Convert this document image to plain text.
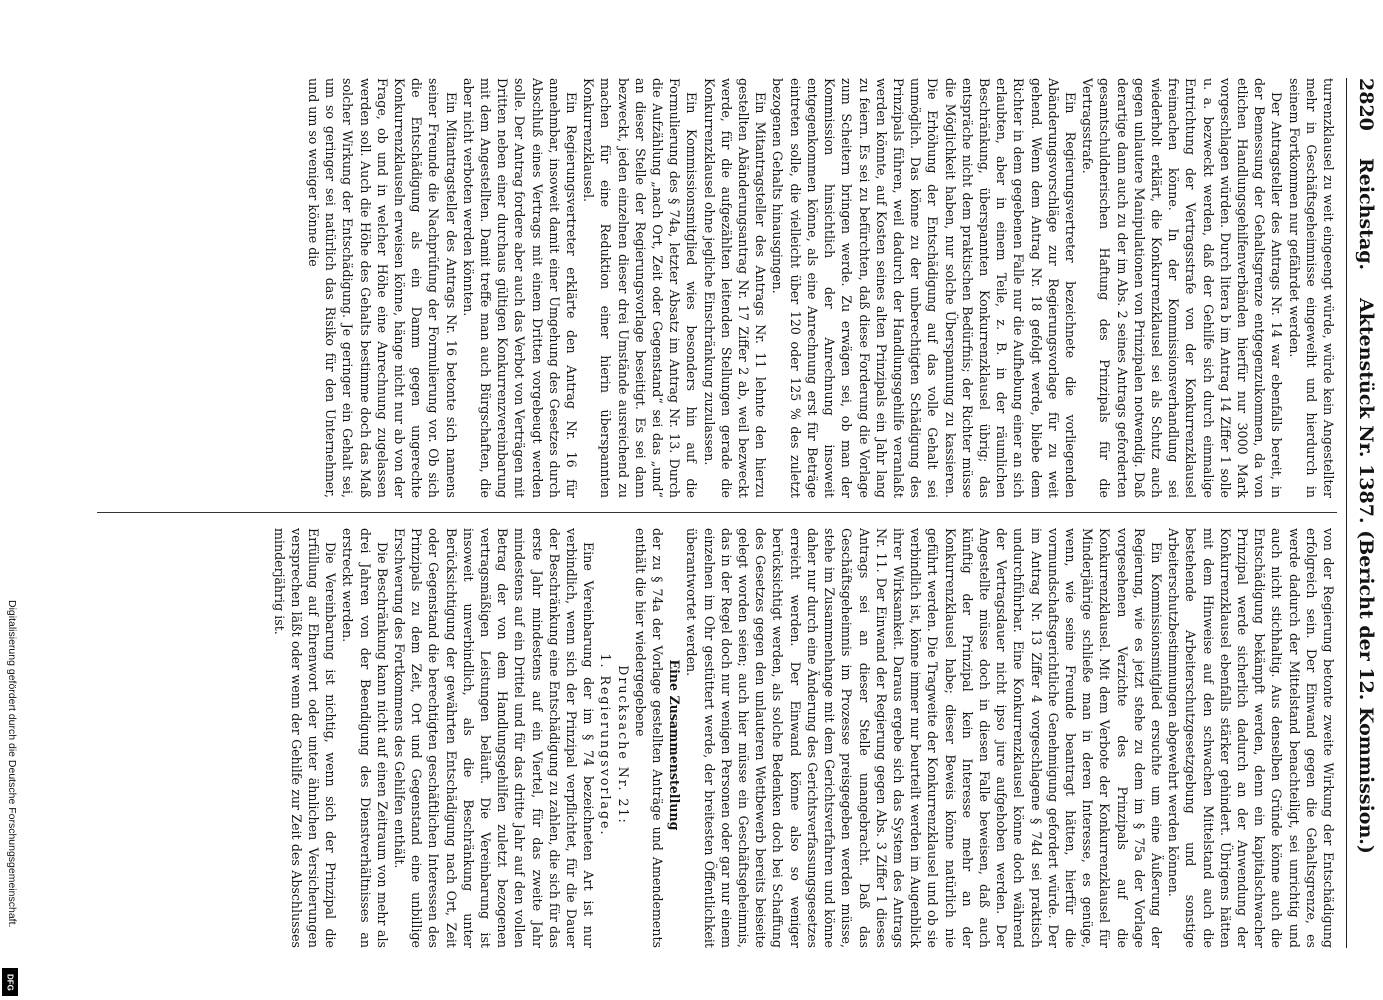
Digitalisierung gefördert durch die Deutsche Forschungsgemeinschaft.
DFG
2820
Reichstag.
Aktenstück Nr. 1387. (Bericht der 12. Kommission.)

turrenzklausel zu weit eingeengt würde, würde kein Angestellter mehr in Geschäftsgeheimnisse eingeweiht und hierdurch in seinem Fortkommen nur gefährdet werden.

Der Antragsteller des Antrags Nr. 14 war ebenfalls bereit, in der Bemessung der Gehaltsgrenze entgegenzukommen, da von etlichen Handlungsgehilfenverbänden hierfür nur 3000 Mark vorgeschlagen würden. Durch litera b im Antrag 14 Ziffer 1 solle u. a. bezweckt werden, daß der Gehilfe sich durch einmalige Entrichtung der Vertragsstrafe von der Konkurrenzklausel freimachen könne. In der Kommissionsverhandlung sei wiederholt erklärt, die Konkurrenzklausel sei als Schutz auch gegen unlautere Manipulationen von Prinzipalen notwendig. Daß derartige dann auch zu der im Abs. 2 seines Antrags geforderten gesamtschuldnerischen Haftung des Prinzipals für die Vertragsstrafe.

Ein Regierungsvertreter bezeichnete die vorliegenden Abänderungsvorschläge zur Regierungsvorlage für zu weit gehend. Wenn dem Antrag Nr. 18 gefolgt werde, bliebe dem Richter in dem gegebenen Falle nur die Aufhebung einer an sich erlaubten, aber in einem Teile, z. B. in der räumlichen Beschränkung, überspannten Konkurrenzklausel übrig; das entspräche nicht dem praktischen Bedürfnis; der Richter müsse die Möglichkeit haben, nur solche Überspannung zu kassieren. Die Erhöhung der Entschädigung auf das volle Gehalt sei unmöglich. Das könne zu der unberechtigten Schädigung des Prinzipals führen, weil dadurch der Handlungsgehilfe veranlaßt werden könnte, auf Kosten seines alten Prinzipals ein Jahr lang zu feiern. Es sei zu befürchten, daß diese Forderung die Vorlage zum Scheitern bringen werde. Zu erwägen sei, ob man der Kommission hinsichtlich der Anrechnung insoweit entgegenkommen könne, als eine Anrechnung erst für Beträge eintreten solle, die vielleicht über 120 oder 125 % des zuletzt bezogenen Gehalts hinausgingen.

Ein Mitantragsteller des Antrags Nr. 11 lehnte den hierzu gestellten Abänderungsantrag Nr. 17 Ziffer 2 ab, weil bezweckt werde, für die aufgezählten leitenden Stellungen gerade die Konkurrenzklausel ohne jegliche Einschränkung zuzulassen.

Ein Kommissionsmitglied wies besonders hin auf die Formulierung des § 74a, letzter Absatz im Antrag Nr. 13. Durch die Aufzählung „nach Ort, Zeit oder Gegenstand“ sei das „und“ an dieser Stelle der Regierungsvorlage beseitigt. Es sei dann bezweckt, jeden einzelnen dieser drei Umstände ausreichend zu machen für eine Reduktion einer hierin überspannten Konkurrenzklausel.

Ein Regierungsvertreter erklärte den Antrag Nr. 16 für annehmbar, insoweit damit einer Umgehung des Gesetzes durch Abschluß eines Vertrags mit einem Dritten vorgebeugt werden solle. Der Antrag fordere aber auch das Verbot von Verträgen mit Dritten neben einer durchaus gültigen Konkurrenzvereinbarung mit dem Angestellten. Damit treffe man auch Bürgschaften, die aber nicht verboten werden könnten.

Ein Mitantragsteller des Antrags Nr. 16 betonte sich namens seiner Freunde die Nachprüfung der Formulierung vor. Ob sich die Entschädigung als ein Damm gegen ungerechte Konkurrenzklauseln erweisen könne, hänge nicht nur ab von der Frage, ob und in welcher Höhe eine Anrechnung zugelassen werden soll. Auch die Höhe des Gehalts bestimme doch das Maß solcher Wirkung der Entschädigung. Je geringer ein Gehalt sei, um so geringer sei natürlich das Risiko für den Unternehmer, und um so weniger könne die

von der Regierung betonte zweite Wirkung der Entschädigung erfolgreich sein. Der Einwand gegen die Gehaltsgrenze, es werde dadurch der Mittelstand benachteiligt, sei unrichtig und auch nicht stichhaltig. Aus denselben Gründe könne auch die Entschädigung bekämpft werden, denn ein kapitalschwacher Prinzipal werde sicherlich dadurch an der Anwendung der Konkurrenzklausel ebenfalls stärker gehindert. Übrigens hätten mit dem Hinweise auf den schwachen Mittelstand auch die bestehende Arbeiterschutzgesetzgebung und sonstige Arbeiterschutzbestimmungen abgewehrt werden können.

Ein Kommissionsmitglied ersuchte um eine Äußerung der Regierung, wie es jetzt stehe zu dem im § 75a der Vorlage vorgesehenen Verzichte des Prinzipals auf die Konkurrenzklausel. Mit dem Verbote der Konkurrenzklausel für Minderjährige schließe man in deren Interesse, es genüge, wenn, wie seine Freunde beantragt hätten, hierfür die vormundschaftsgerichtliche Genehmigung gefordert würde. Der im Antrag Nr. 13 Ziffer 4 vorgeschlagene § 74d sei praktisch undurchführbar. Eine Konkurrenzklausel könne doch während der Vertragsdauer nicht ipso jure aufgehoben werden. Der Angestellte müsse doch in diesen Falle beweisen, daß auch künftig der Prinzipal kein Interesse mehr an der Konkurrenzklausel habe; dieser Beweis könne natürlich nie geführt werden. Die Tragweite der Konkurrenzklausel und ob sie verbindlich ist, könne immer nur beurteilt werden im Augenblick ihrer Wirksamkeit. Daraus ergebe sich das System des Antrags Nr. 11. Der Einwand der Regierung gegen Abs. 3 Ziffer 1 dieses Antrags sei an dieser Stelle unangebracht. Daß das Geschäftsgeheimnis im Prozesse preisgegeben werden müsse, stehe im Zusammenhange mit dem Gerichtsverfahren und könne daher nur durch eine Änderung des Gerichtsverfassungsgesetzes erreicht werden. Der Einwand könne also so weniger berücksichtigt werden, als solche Bedenken doch bei Schaffung des Gesetzes gegen den unlauteren Wettbewerb bereits beiseite gelegt worden seien; auch hier müsse ein Geschäftsgeheimnis, das in der Regel doch nur wenigen Personen oder gar nur einem einzelnen im Ohr gestüttert werde, der breitesten Öffentlichkeit überantwortet werden.

Eine Zusammenstellung

der zu § 74a der Vorlage gestellten Anträge und Amendements enthält die hier wiedergegebene

Drucksache Nr. 21:

1. Regierungsvorlage.

Eine Vereinbarung der im § 74 bezeichneten Art ist nur verbindlich, wenn sich der Prinzipal verpflichtet, für die Dauer der Beschränkung eine Entschädigung zu zahlen, die sich für das erste Jahr mindestens auf ein Viertel, für das zweite Jahr mindestens auf ein Drittel und für das dritte Jahr auf den vollen Betrag der von dem Handlungsgehilfen zuletzt bezogenen vertragsmäßigen Leistungen beläuft. Die Vereinbarung ist insoweit unverbindlich, als die Beschränkung unter Berücksichtigung der gewährten Entschädigung nach Ort, Zeit oder Gegenstand die berechtigten geschäftlichen Interessen des Prinzipals zu dem Zeit, Ort und Gegenstand eine unbillige Erschwerung des Fortkommens des Gehilfen enthält.

Die Beschränkung kann nicht auf einen Zeitraum von mehr als drei Jahren von der Beendigung des Dienstverhältnisses an erstreckt werden.

Die Vereinbarung ist nichtig, wenn sich der Prinzipal die Erfüllung auf Ehrenwort oder unter ähnlichen Versicherungen versprechen läßt oder wenn der Gehilfe zur Zeit des Abschlusses minderjährig ist.
